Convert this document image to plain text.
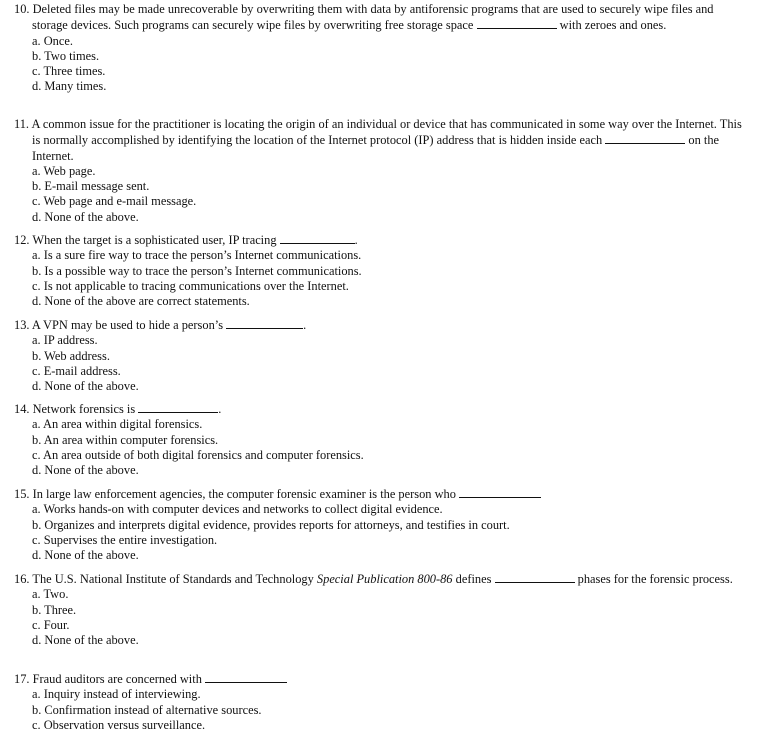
10. Deleted files may be made unrecoverable by overwriting them with data by antiforensic programs that are used to securely wipe files and storage devices. Such programs can securely wipe files by overwriting free storage space	with zeroes and ones.

a. Once.
b. Two times.
c. Three times.
d. Many times.

11. A common issue for the practitioner is locating the origin of an individual or device that has communicated in some way over the Internet. This is normally accomplished by identifying the location of the Internet protocol (IP) address that is hidden inside each	on the Internet.

a. Web page.
b. E-mail message sent.
c. Web page and e-mail message.
d. None of the above.

12. When the target is a sophisticated user, IP tracing	.

a. Is a sure fire way to trace the person’s Internet communications.
b. Is a possible way to trace the person’s Internet communications.
c. Is not applicable to tracing communications over the Internet.
d. None of the above are correct statements.

13. A VPN may be used to hide a person’s	.

a. IP address.
b. Web address.
c. E-mail address.
d. None of the above.

14. Network forensics is	.

a. An area within digital forensics.
b. An area within computer forensics.
c. An area outside of both digital forensics and computer forensics.
d. None of the above.

15. In large law enforcement agencies, the computer forensic examiner is the person who

a. Works hands-on with computer devices and networks to collect digital evidence.
b. Organizes and interprets digital evidence, provides reports for attorneys, and testifies in court.
c. Supervises the entire investigation.
d. None of the above.

16. The U.S. National Institute of Standards and Technology Special Publication 800-86 defines	phases for the forensic process.

a. Two.
b. Three.
c. Four.
d. None of the above.

17. Fraud auditors are concerned with

a. Inquiry instead of interviewing.
b. Confirmation instead of alternative sources.
c. Observation versus surveillance.
